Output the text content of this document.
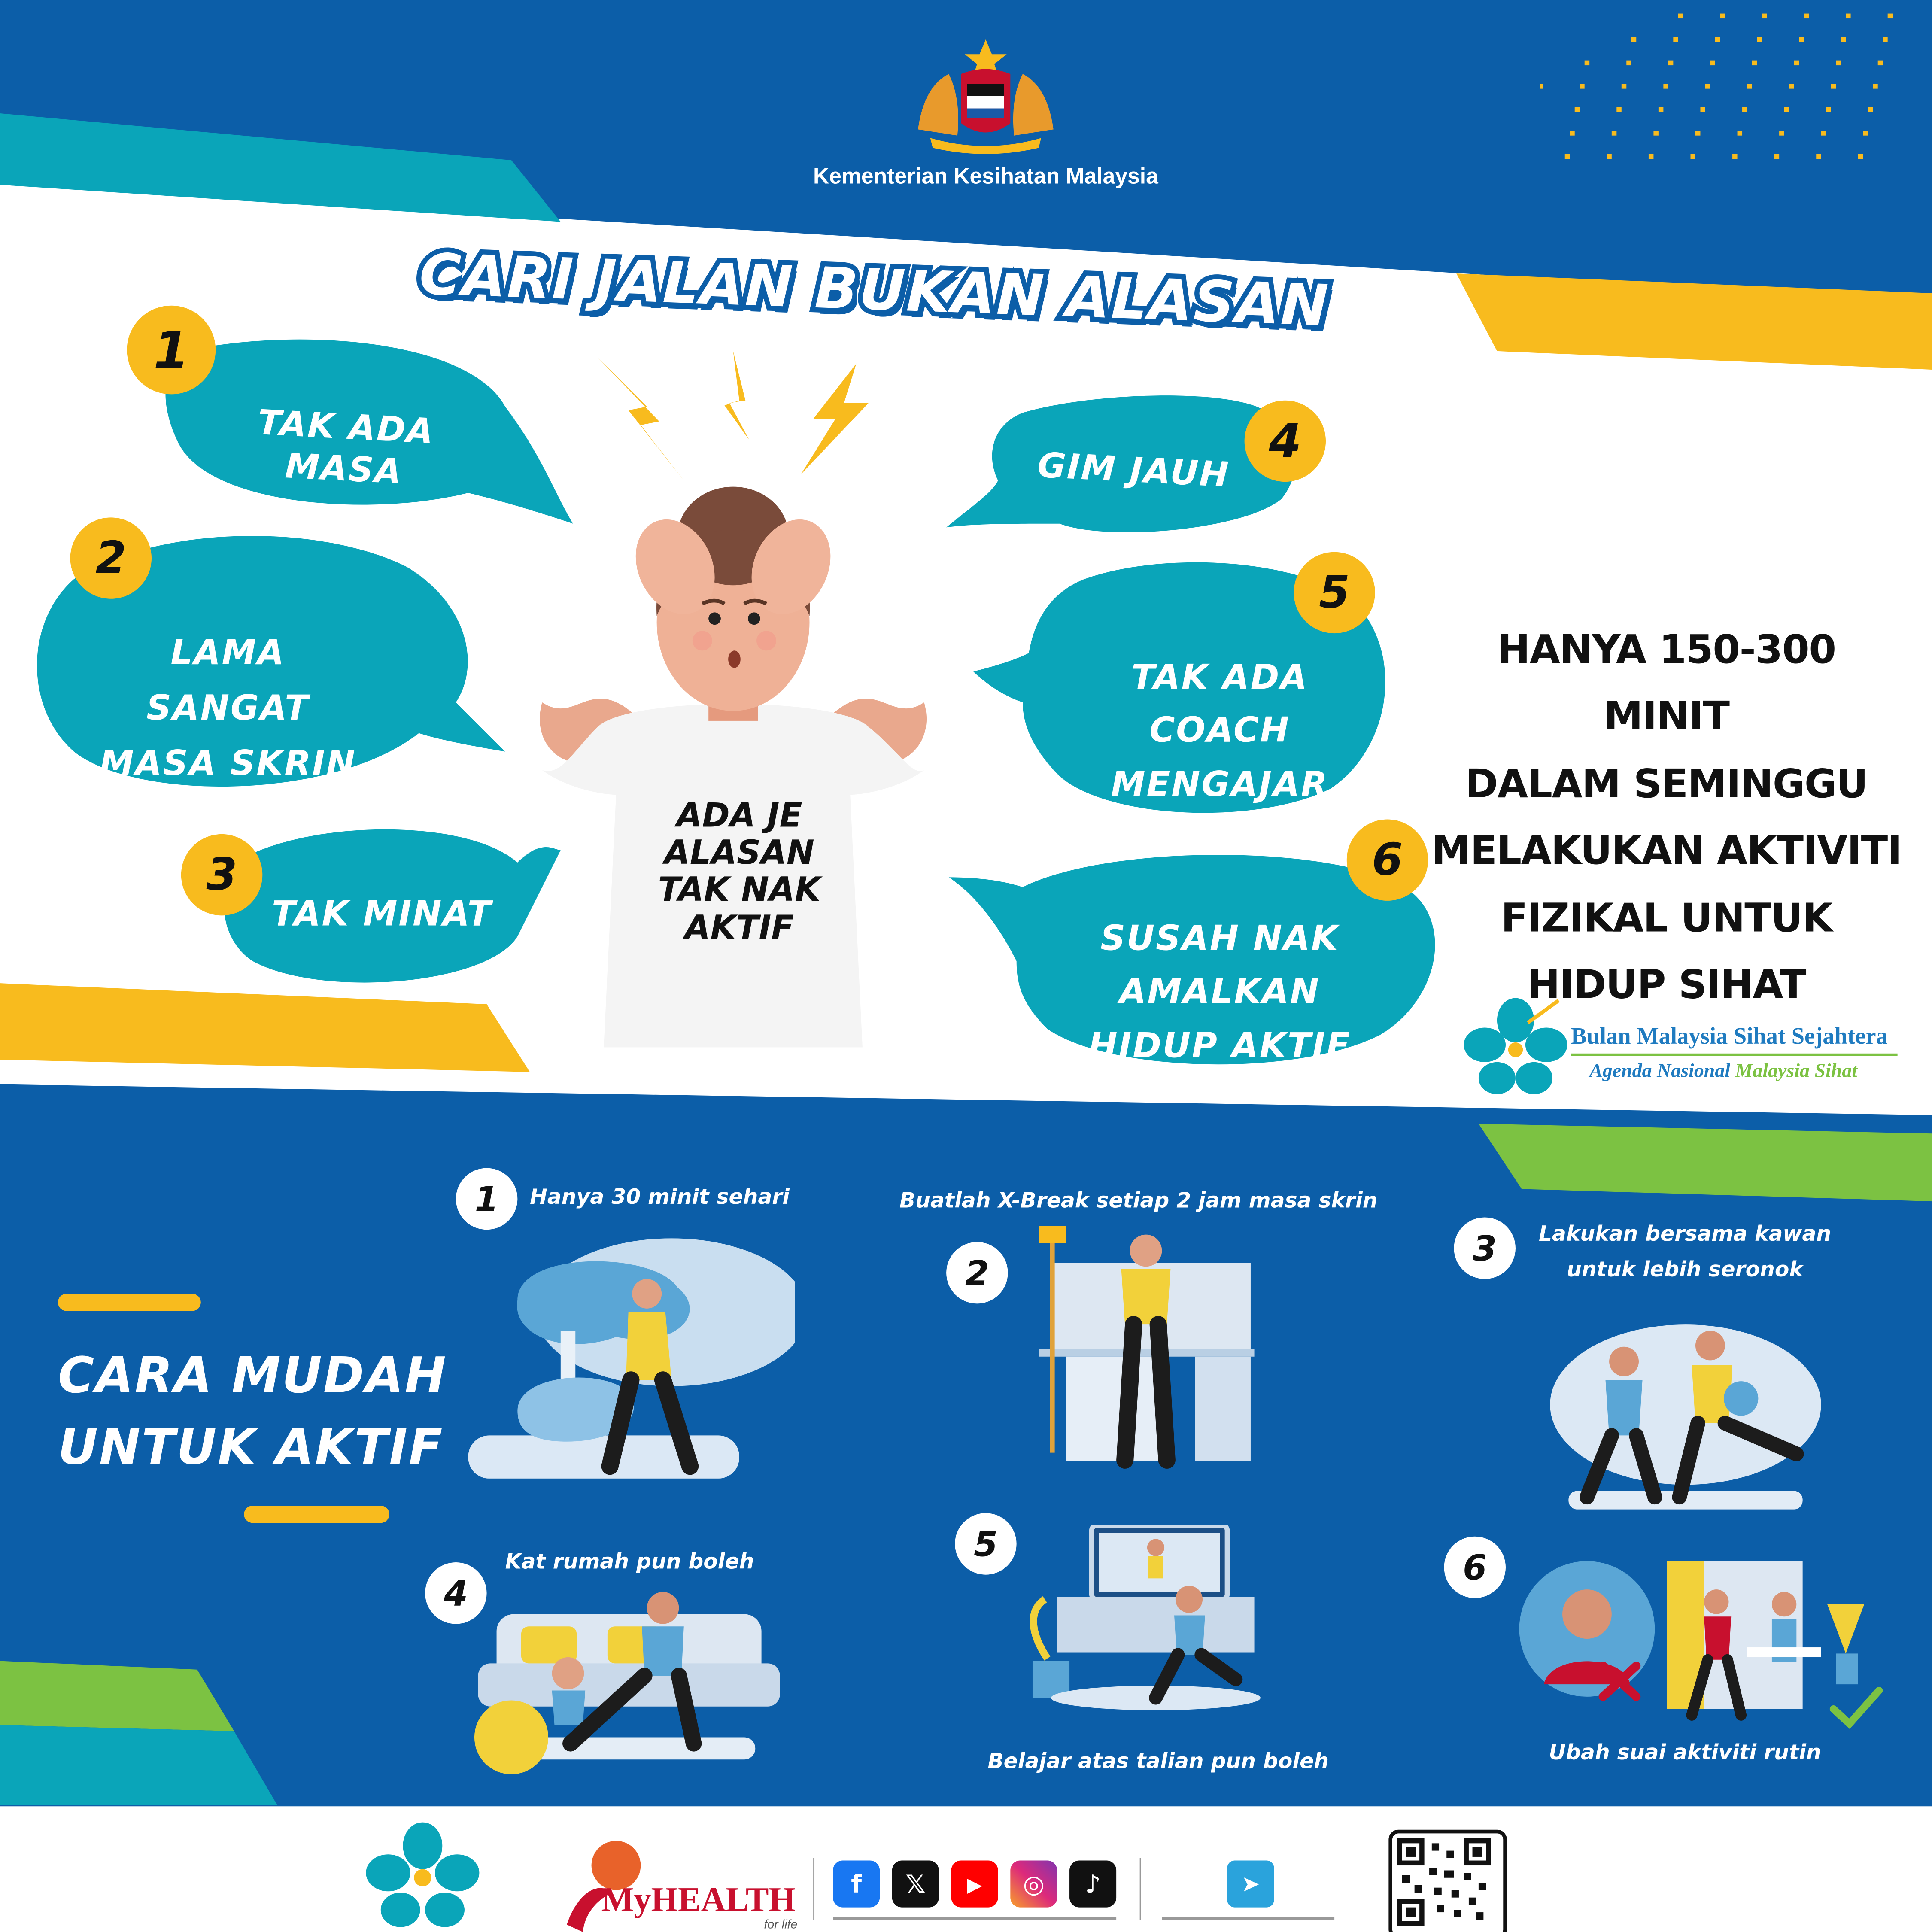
Kementerian Kesihatan Malaysia
CARI JALAN BUKAN ALASAN
1
2
3
4
5
6
TAK ADA MASA
LAMA SANGAT
MASA SKRIN
TAK MINAT
GIM JAUH
TAK ADA COACH
MENGAJAR
SUSAH NAK AMALKAN
HIDUP AKTIF
ADA JE
ALASAN
TAK NAK
AKTIF
HANYA 150-300 MINIT
DALAM SEMINGGU
MELAKUKAN AKTIVITI
FIZIKAL UNTUK
HIDUP SIHAT
Bulan Malaysia Sihat Sejahtera
Agenda Nasional Malaysia Sihat
CARA MUDAH
UNTUK AKTIF
1	Hanya 30 minit sehari	Buatlah X-Break setiap 2 jam masa skrin
2
3	Lakukan bersama kawan
untuk lebih seronok
Kat rumah pun boleh
4
5
Belajar atas talian pun boleh
6
Ubah suai aktiviti rutin
MyHEALTH
for life
f	𝕏	▶	◎	♪	➤
